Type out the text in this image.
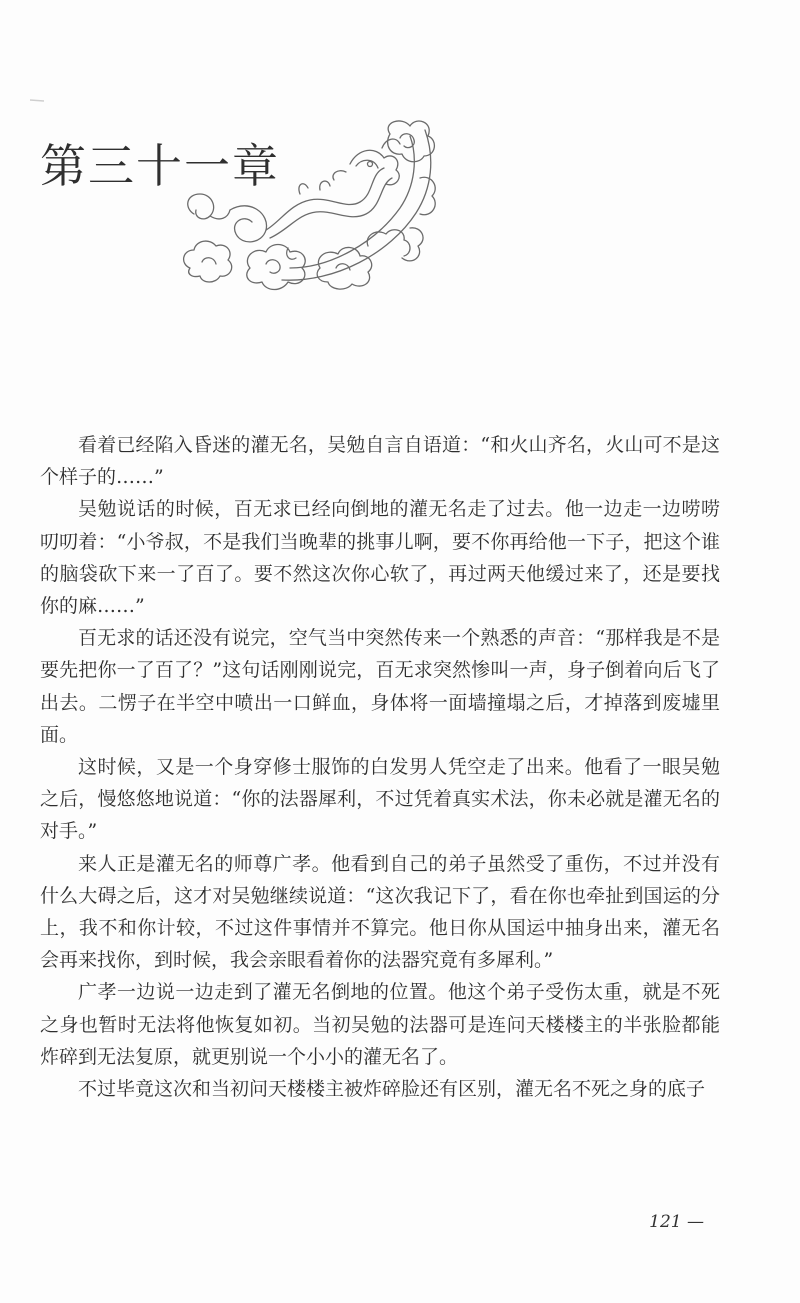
第三十一章

看着已经陷入昏迷的灌无名，吴勉自言自语道：“和火山齐名，火山可不是这个样子的……”

吴勉说话的时候，百无求已经向倒地的灌无名走了过去。他一边走一边唠唠叨叨着：“小爷叔，不是我们当晚辈的挑事儿啊，要不你再给他一下子，把这个谁的脑袋砍下来一了百了。要不然这次你心软了，再过两天他缓过来了，还是要找你的麻……”

百无求的话还没有说完，空气当中突然传来一个熟悉的声音：“那样我是不是要先把你一了百了？”这句话刚刚说完，百无求突然惨叫一声，身子倒着向后飞了出去。二愣子在半空中喷出一口鲜血，身体将一面墙撞塌之后，才掉落到废墟里面。

这时候，又是一个身穿修士服饰的白发男人凭空走了出来。他看了一眼吴勉之后，慢悠悠地说道：“你的法器犀利，不过凭着真实术法，你未必就是灌无名的对手。”

来人正是灌无名的师尊广孝。他看到自己的弟子虽然受了重伤，不过并没有什么大碍之后，这才对吴勉继续说道：“这次我记下了，看在你也牵扯到国运的分上，我不和你计较，不过这件事情并不算完。他日你从国运中抽身出来，灌无名会再来找你，到时候，我会亲眼看着你的法器究竟有多犀利。”

广孝一边说一边走到了灌无名倒地的位置。他这个弟子受伤太重，就是不死之身也暂时无法将他恢复如初。当初吴勉的法器可是连问天楼楼主的半张脸都能炸碎到无法复原，就更别说一个小小的灌无名了。

不过毕竟这次和当初问天楼楼主被炸碎脸还有区别，灌无名不死之身的底子

121 —
